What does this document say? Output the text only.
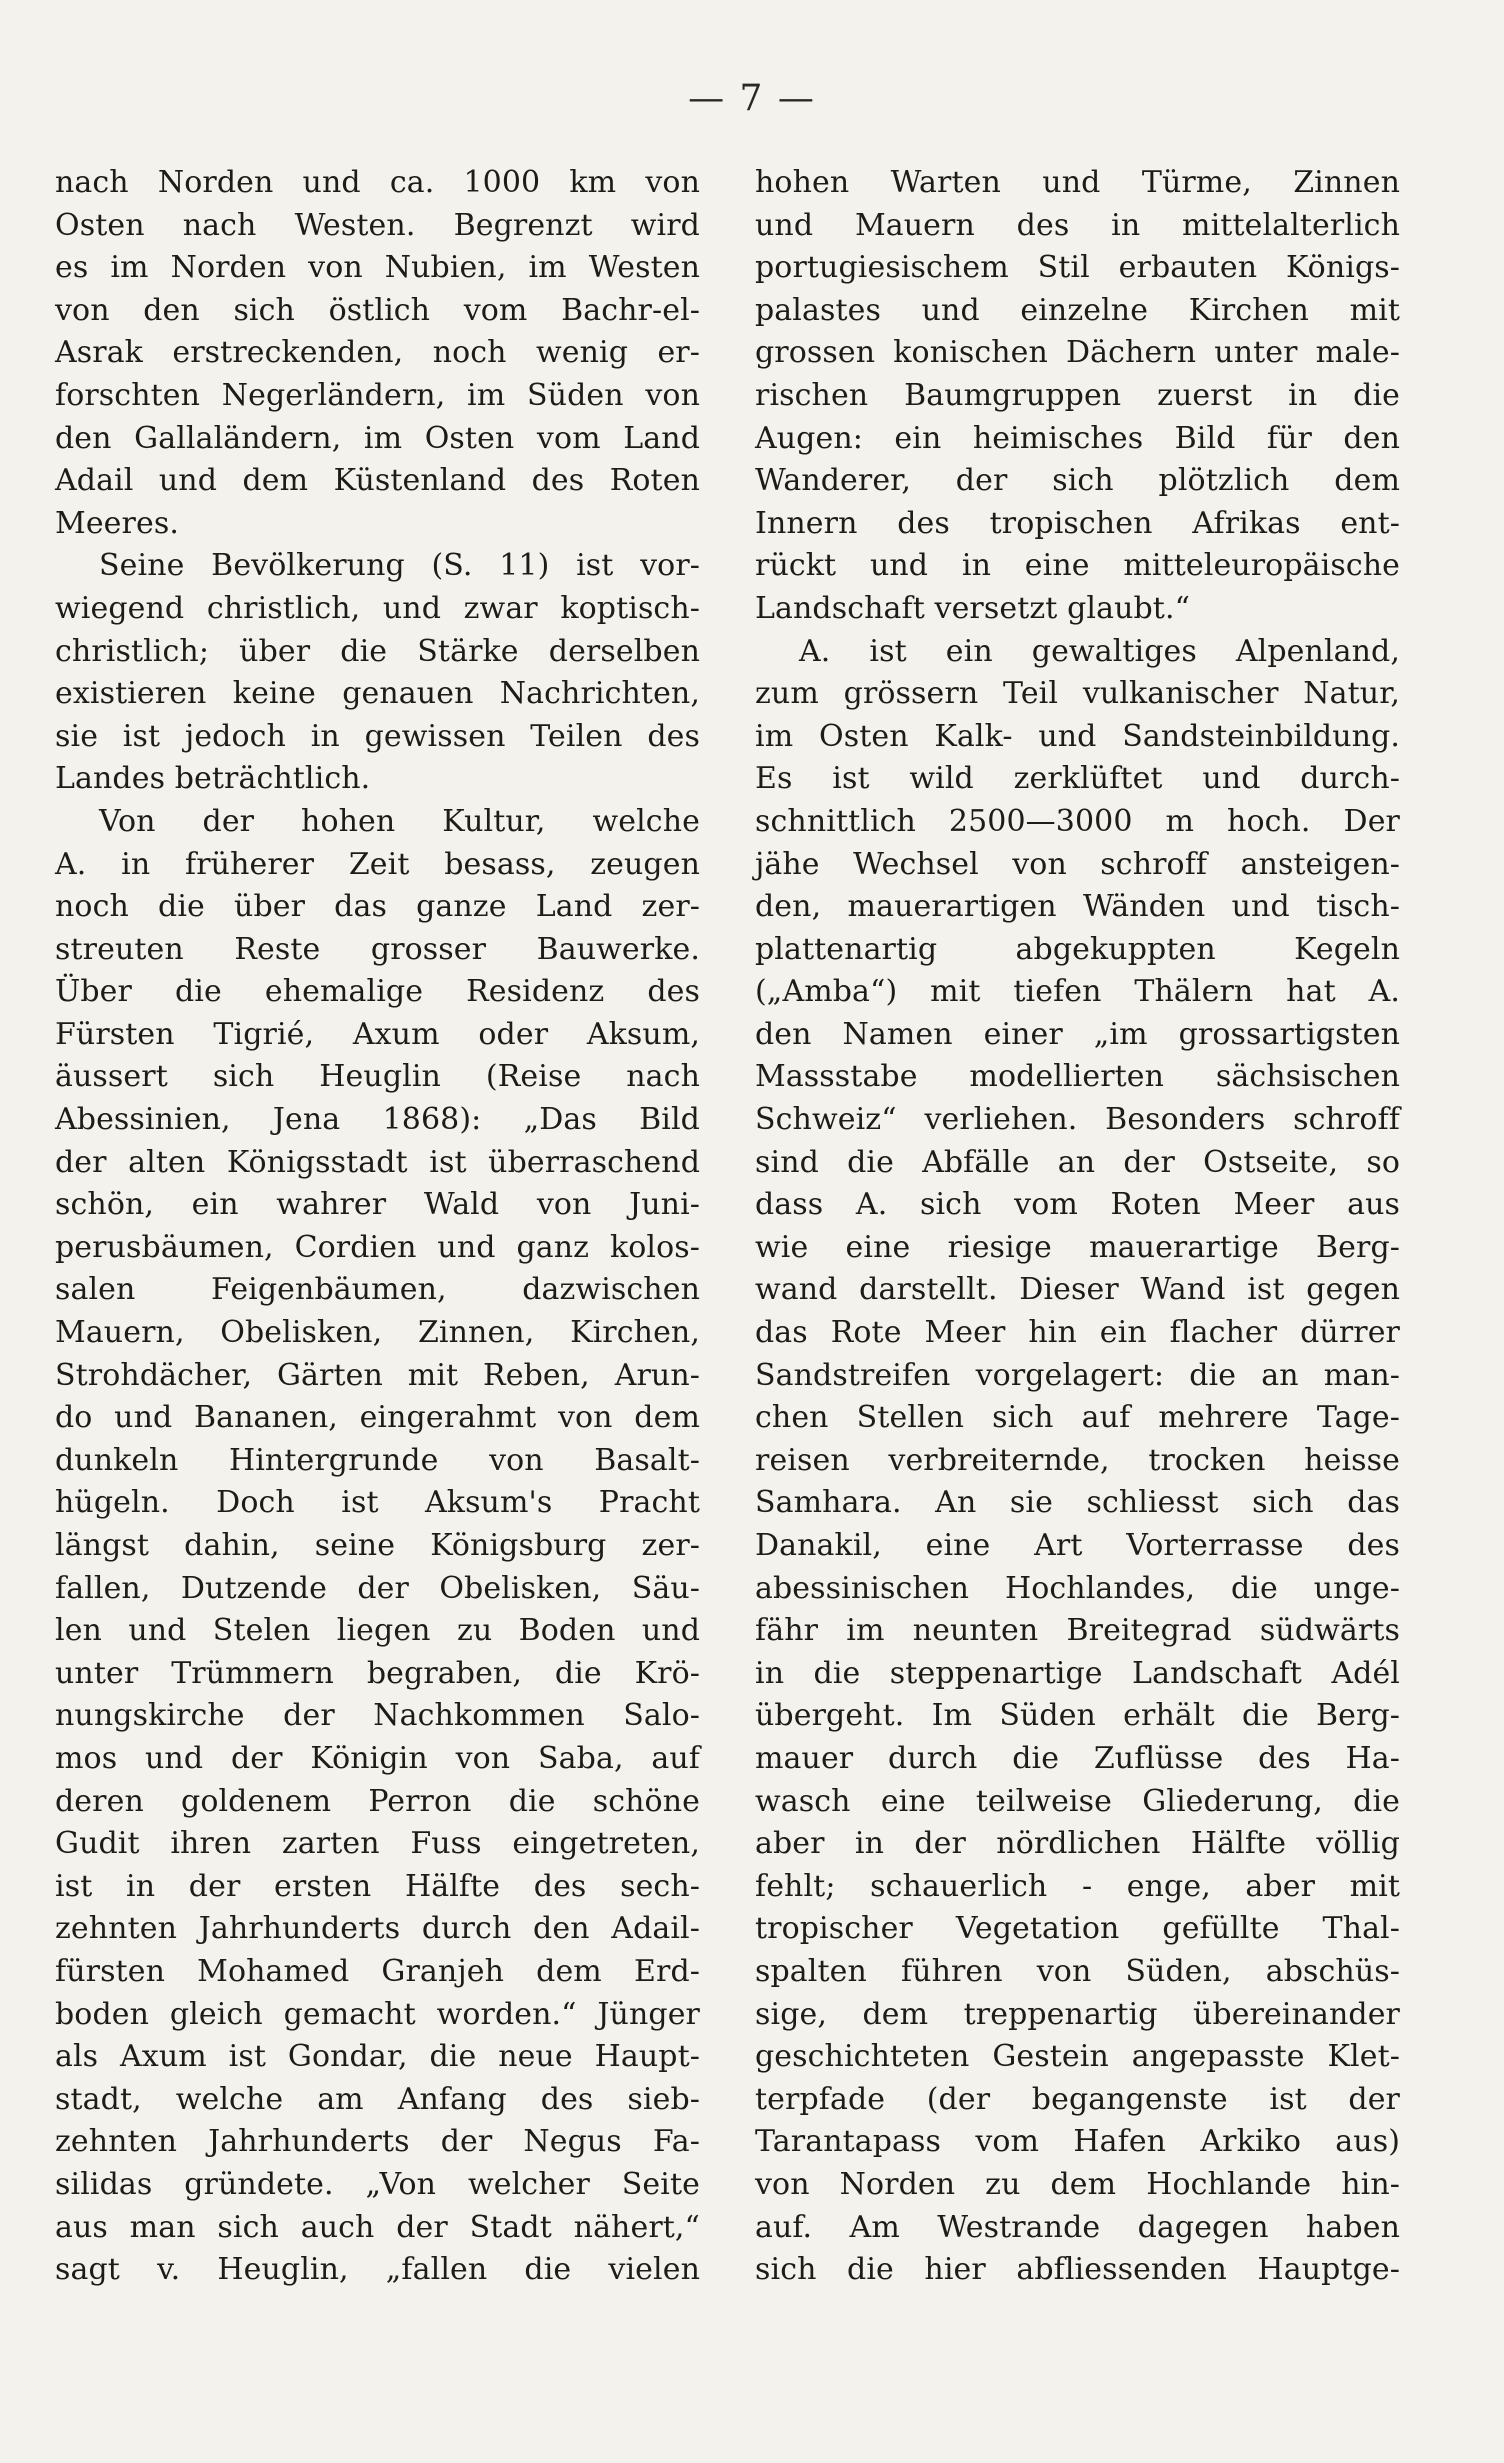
— 7 —
nach Norden und ca. 1000 km von
Osten nach Westen. Begrenzt wird
es im Norden von Nubien, im Westen
von den sich östlich vom Bachr-el-
Asrak erstreckenden, noch wenig er-
forschten Negerländern, im Süden von
den Gallaländern, im Osten vom Land
Adail und dem Küstenland des Roten
Meeres.
Seine Bevölkerung (S. 11) ist vor-
wiegend christlich, und zwar koptisch-
christlich; über die Stärke derselben
existieren keine genauen Nachrichten,
sie ist jedoch in gewissen Teilen des
Landes beträchtlich.
Von der hohen Kultur, welche
A. in früherer Zeit besass, zeugen
noch die über das ganze Land zer-
streuten Reste grosser Bauwerke.
Über die ehemalige Residenz des
Fürsten Tigrié, Axum oder Aksum,
äussert sich Heuglin (Reise nach
Abessinien, Jena 1868): „Das Bild
der alten Königsstadt ist überraschend
schön, ein wahrer Wald von Juni-
perusbäumen, Cordien und ganz kolos-
salen Feigenbäumen, dazwischen
Mauern, Obelisken, Zinnen, Kirchen,
Strohdächer, Gärten mit Reben, Arun-
do und Bananen, eingerahmt von dem
dunkeln Hintergrunde von Basalt-
hügeln. Doch ist Aksum's Pracht
längst dahin, seine Königsburg zer-
fallen, Dutzende der Obelisken, Säu-
len und Stelen liegen zu Boden und
unter Trümmern begraben, die Krö-
nungskirche der Nachkommen Salo-
mos und der Königin von Saba, auf
deren goldenem Perron die schöne
Gudit ihren zarten Fuss eingetreten,
ist in der ersten Hälfte des sech-
zehnten Jahrhunderts durch den Adail-
fürsten Mohamed Granjeh dem Erd-
boden gleich gemacht worden.“ Jünger
als Axum ist Gondar, die neue Haupt-
stadt, welche am Anfang des sieb-
zehnten Jahrhunderts der Negus Fa-
silidas gründete. „Von welcher Seite
aus man sich auch der Stadt nähert,“
sagt v. Heuglin, „fallen die vielen
hohen Warten und Türme, Zinnen
und Mauern des in mittelalterlich
portugiesischem Stil erbauten Königs-
palastes und einzelne Kirchen mit
grossen konischen Dächern unter male-
rischen Baumgruppen zuerst in die
Augen: ein heimisches Bild für den
Wanderer, der sich plötzlich dem
Innern des tropischen Afrikas ent-
rückt und in eine mitteleuropäische
Landschaft versetzt glaubt.“
A. ist ein gewaltiges Alpenland,
zum grössern Teil vulkanischer Natur,
im Osten Kalk- und Sandsteinbildung.
Es ist wild zerklüftet und durch-
schnittlich 2500—3000 m hoch. Der
jähe Wechsel von schroff ansteigen-
den, mauerartigen Wänden und tisch-
plattenartig abgekuppten Kegeln
(„Amba“) mit tiefen Thälern hat A.
den Namen einer „im grossartigsten
Massstabe modellierten sächsischen
Schweiz“ verliehen. Besonders schroff
sind die Abfälle an der Ostseite, so
dass A. sich vom Roten Meer aus
wie eine riesige mauerartige Berg-
wand darstellt. Dieser Wand ist gegen
das Rote Meer hin ein flacher dürrer
Sandstreifen vorgelagert: die an man-
chen Stellen sich auf mehrere Tage-
reisen verbreiternde, trocken heisse
Samhara. An sie schliesst sich das
Danakil, eine Art Vorterrasse des
abessinischen Hochlandes, die unge-
fähr im neunten Breitegrad südwärts
in die steppenartige Landschaft Adél
übergeht. Im Süden erhält die Berg-
mauer durch die Zuflüsse des Ha-
wasch eine teilweise Gliederung, die
aber in der nördlichen Hälfte völlig
fehlt; schauerlich - enge, aber mit
tropischer Vegetation gefüllte Thal-
spalten führen von Süden, abschüs-
sige, dem treppenartig übereinander
geschichteten Gestein angepasste Klet-
terpfade (der begangenste ist der
Tarantapass vom Hafen Arkiko aus)
von Norden zu dem Hochlande hin-
auf. Am Westrande dagegen haben
sich die hier abfliessenden Hauptge-
